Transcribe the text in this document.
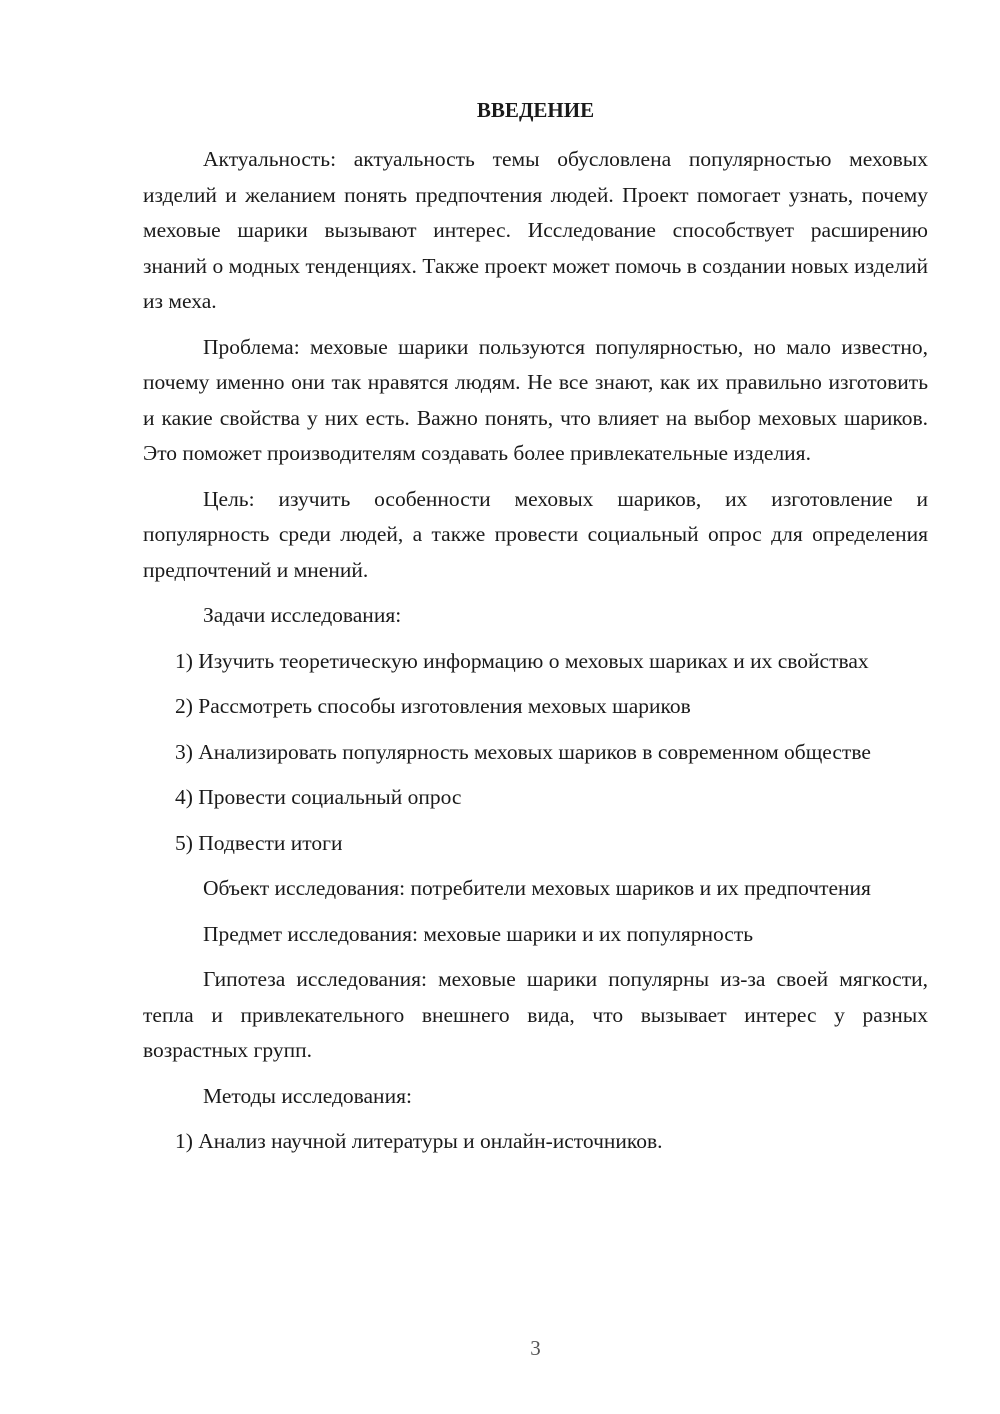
ВВЕДЕНИЕ

Актуальность: актуальность темы обусловлена популярностью меховых изделий и желанием понять предпочтения людей. Проект помогает узнать, почему меховые шарики вызывают интерес. Исследование способствует расширению знаний о модных тенденциях. Также проект может помочь в создании новых изделий из меха.

Проблема: меховые шарики пользуются популярностью, но мало известно, почему именно они так нравятся людям. Не все знают, как их правильно изготовить и какие свойства у них есть. Важно понять, что влияет на выбор меховых шариков. Это поможет производителям создавать более привлекательные изделия.

Цель: изучить особенности меховых шариков, их изготовление и популярность среди людей, а также провести социальный опрос для определения предпочтений и мнений.

Задачи исследования:

1) Изучить теоретическую информацию о меховых шариках и их свойствах

2) Рассмотреть способы изготовления меховых шариков

3) Анализировать популярность меховых шариков в современном обществе

4) Провести социальный опрос

5) Подвести итоги

Объект исследования: потребители меховых шариков и их предпочтения

Предмет исследования: меховые шарики и их популярность

Гипотеза исследования: меховые шарики популярны из-за своей мягкости, тепла и привлекательного внешнего вида, что вызывает интерес у разных возрастных групп.

Методы исследования:

1) Анализ научной литературы и онлайн-источников.

3
